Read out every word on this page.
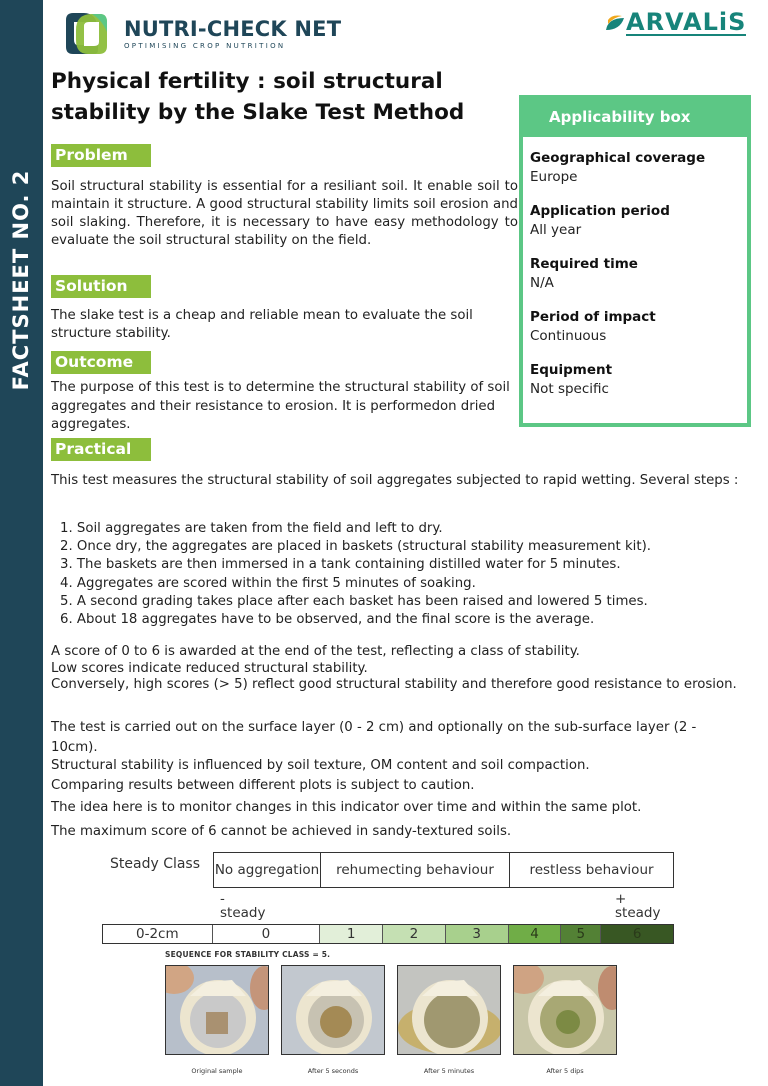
FACTSHEET NO. 2
NUTRI-CHECK NET
OPTIMISING CROP NUTRITION
ARVALiS
Physical fertility : soil structural stability by the Slake Test Method
Problem

Soil structural stability is essential for a resiliant soil. It enable soil to maintain it structure. A good structural stability limits soil erosion and soil slaking. Therefore, it is necessary to have easy methodology to evaluate the soil structural stability on the field.

Solution

The slake test is a cheap and reliable mean to evaluate the soil structure stability.

Outcome

The purpose of this test is to determine the structural stability of soil aggregates and their resistance to erosion. It is performedon dried aggregates.

Applicability box
Geographical coverage
Europe
Application period
All year
Required time
N/A
Period of impact
Continuous
Equipment
Not specific
Practical

This test measures the structural stability of soil aggregates subjected to rapid wetting. Several steps :

1. Soil aggregates are taken from the field and left to dry.
2. Once dry, the aggregates are placed in baskets (structural stability measurement kit).
3. The baskets are then immersed in a tank containing distilled water for 5 minutes.
4. Aggregates are scored within the first 5 minutes of soaking.
5. A second grading takes place after each basket has been raised and lowered 5 times.
6. About 18 aggregates have to be observed, and the final score is the average.
A score of 0 to 6 is awarded at the end of the test, reflecting a class of stability.
Low scores indicate reduced structural stability.
Conversely, high scores (> 5) reflect good structural stability and therefore good resistance to erosion.

The test is carried out on the surface layer (0 - 2 cm) and optionally on the sub-surface layer (2 - 10cm).

Structural stability is influenced by soil texture, OM content and soil compaction.
Comparing results between different plots is subject to caution.

The idea here is to monitor changes in this indicator over time and within the same plot.

The maximum score of 6 cannot be achieved in sandy-textured soils.

Steady Class	No aggregation	rehumecting behaviour	restless behaviour
- steady
+ steady
0-2cm	0	1	2	3	4	5	6
SEQUENCE FOR STABILITY CLASS = 5.
Original sample	After 5 seconds	After 5 minutes	After 5 dips
